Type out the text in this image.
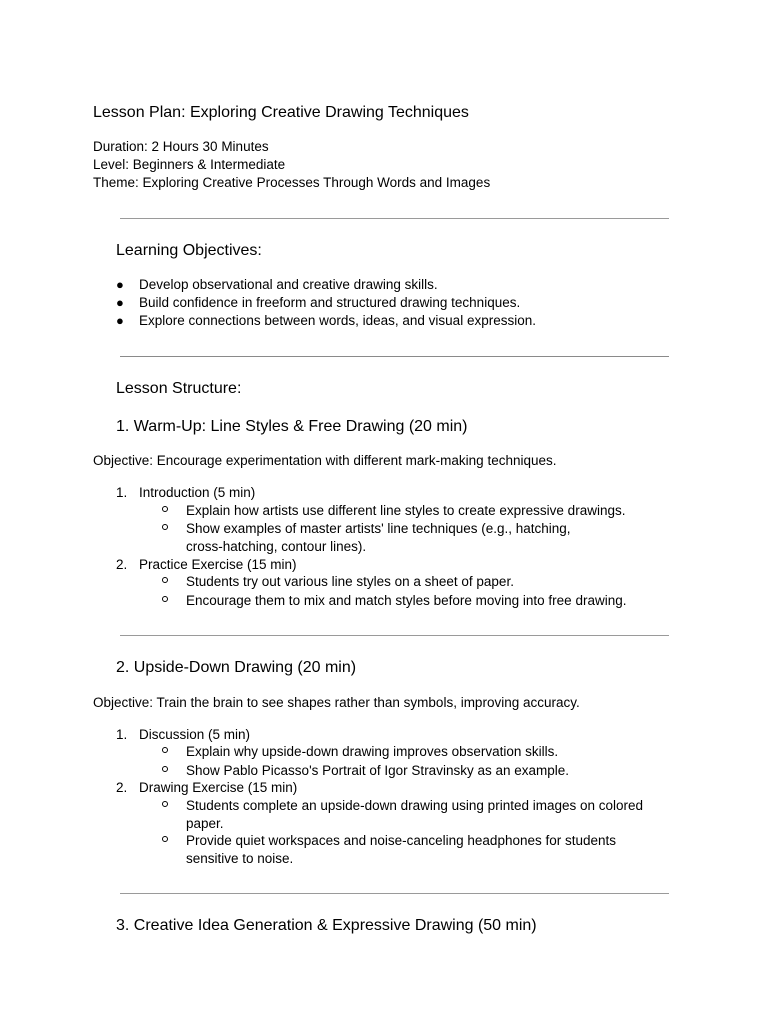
Lesson Plan: Exploring Creative Drawing Techniques
Duration: 2 Hours 30 Minutes
Level: Beginners & Intermediate
Theme: Exploring Creative Processes Through Words and Images
Learning Objectives:
● Develop observational and creative drawing skills.
● Build confidence in freeform and structured drawing techniques.
● Explore connections between words, ideas, and visual expression.
Lesson Structure:
1. Warm-Up: Line Styles & Free Drawing (20 min)
Objective: Encourage experimentation with different mark-making techniques.
1. Introduction (5 min)
Explain how artists use different line styles to create expressive drawings.
Show examples of master artists' line techniques (e.g., hatching,
cross-hatching, contour lines).
2. Practice Exercise (15 min)
Students try out various line styles on a sheet of paper.
Encourage them to mix and match styles before moving into free drawing.
2. Upside-Down Drawing (20 min)
Objective: Train the brain to see shapes rather than symbols, improving accuracy.
1. Discussion (5 min)
Explain why upside-down drawing improves observation skills.
Show Pablo Picasso's Portrait of Igor Stravinsky as an example.
2. Drawing Exercise (15 min)
Students complete an upside-down drawing using printed images on colored
paper.
Provide quiet workspaces and noise-canceling headphones for students
sensitive to noise.
3. Creative Idea Generation & Expressive Drawing (50 min)
